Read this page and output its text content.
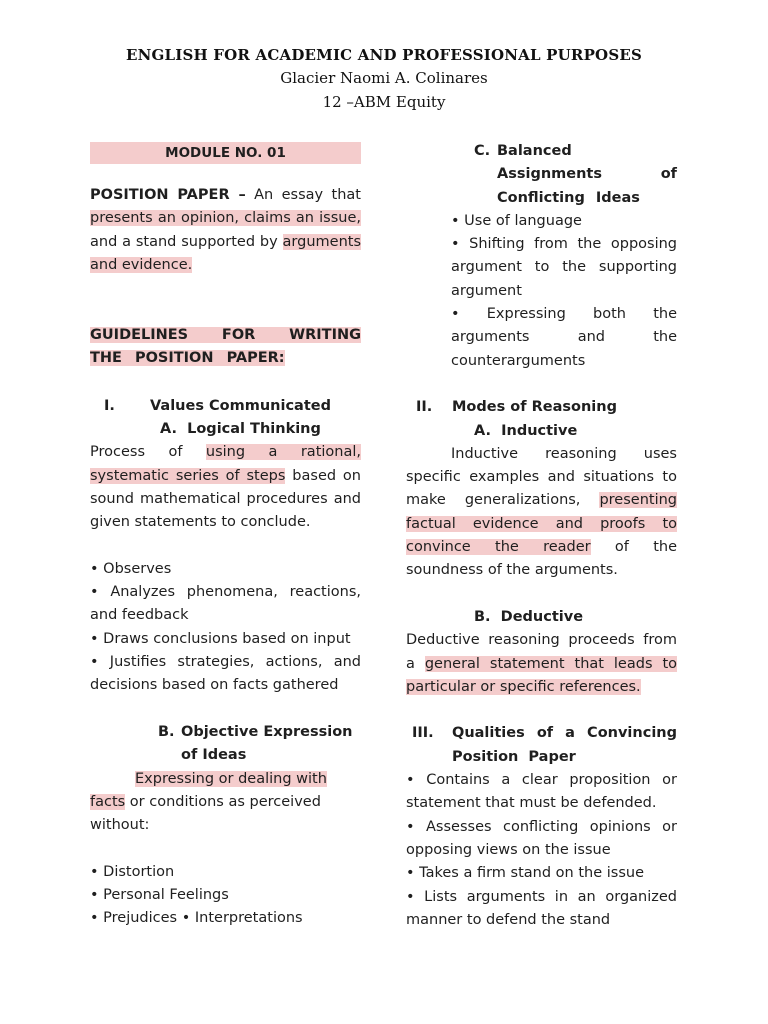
ENGLISH FOR ACADEMIC AND PROFESSIONAL PURPOSES
Glacier Naomi A. Colinares
12 –ABM Equity
MODULE NO. 01

POSITION PAPER – An essay that presents an opinion, claims an issue, and a stand supported by arguments and evidence.

GUIDELINES FOR WRITING THE POSITION PAPER:

I. Values Communicated

A. Logical Thinking

Process of using a rational, systematic series of steps based on sound mathematical procedures and given statements to conclude.

• Observes

• Analyzes phenomena, reactions, and feedback

• Draws conclusions based on input

• Justifies strategies, actions, and decisions based on facts gathered

B. Objective Expression of Ideas

Expressing or dealing with facts or conditions as perceived without:

• Distortion

• Personal Feelings

• Prejudices • Interpretations

C. Balanced Assignments of Conflicting Ideas

• Use of language

• Shifting from the opposing argument to the supporting argument

• Expressing both the arguments and the counterarguments

II. Modes of Reasoning

A. Inductive

Inductive reasoning uses specific examples and situations to make generalizations, presenting factual evidence and proofs to convince the reader of the soundness of the arguments.

B. Deductive

Deductive reasoning proceeds from a general statement that leads to particular or specific references.

III.	Qualities of a Convincing Position Paper

• Contains a clear proposition or statement that must be defended.

• Assesses conflicting opinions or opposing views on the issue

• Takes a firm stand on the issue

• Lists arguments in an organized manner to defend the stand
